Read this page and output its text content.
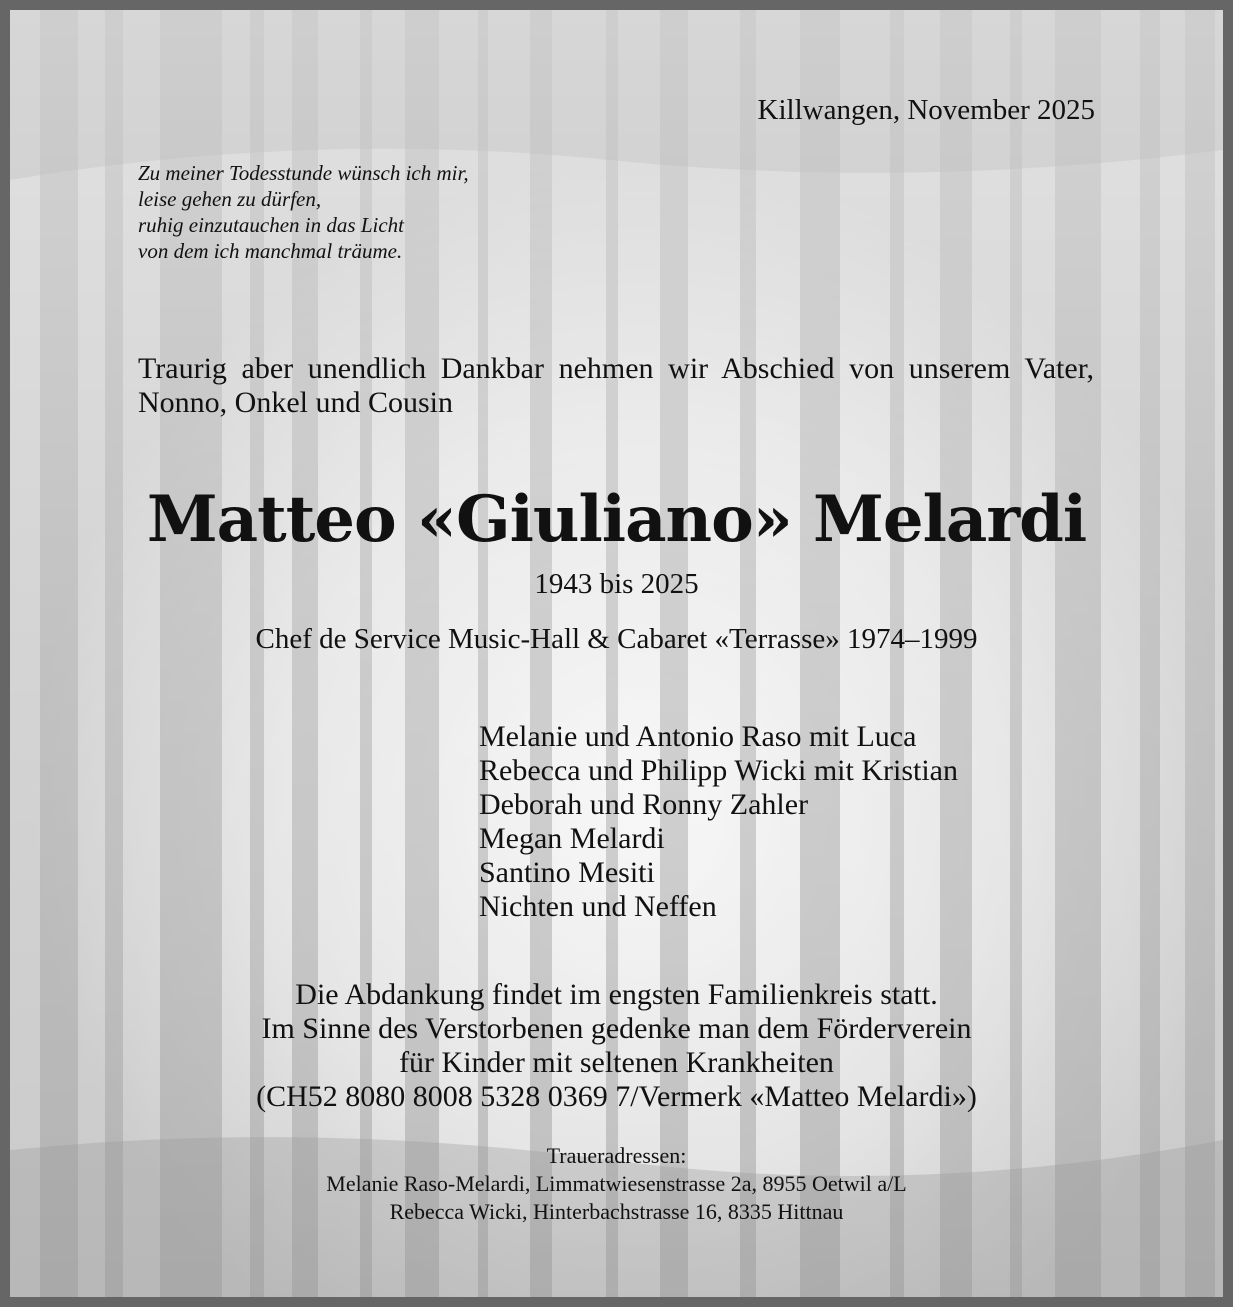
Killwangen, November 2025
Zu meiner Todesstunde wünsch ich mir,
leise gehen zu dürfen,
ruhig einzutauchen in das Licht
von dem ich manchmal träume.
Traurig aber unendlich Dankbar nehmen wir Abschied von unserem Vater, Nonno, Onkel und Cousin
Matteo «Giuliano» Melardi
1943 bis 2025
Chef de Service Music-Hall & Cabaret «Terrasse» 1974–1999
Melanie und Antonio Raso mit Luca
Rebecca und Philipp Wicki mit Kristian
Deborah und Ronny Zahler
Megan Melardi
Santino Mesiti
Nichten und Neffen
Die Abdankung findet im engsten Familienkreis statt.
Im Sinne des Verstorbenen gedenke man dem Förderverein
für Kinder mit seltenen Krankheiten
(CH52 8080 8008 5328 0369 7/Vermerk «Matteo Melardi»)
Traueradressen:
Melanie Raso-Melardi, Limmatwiesenstrasse 2a, 8955 Oetwil a/L
Rebecca Wicki, Hinterbachstrasse 16, 8335 Hittnau
